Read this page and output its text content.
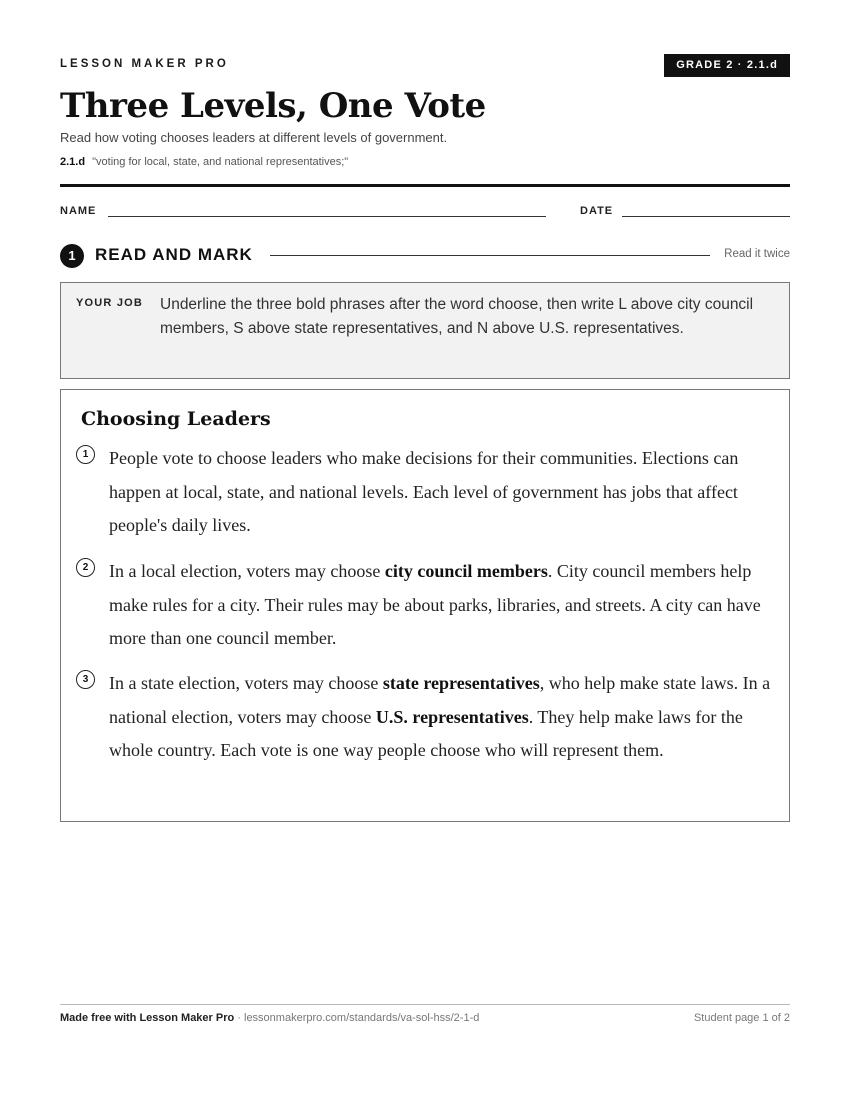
LESSON MAKER PRO	GRADE 2 · 2.1.d
Three Levels, One Vote
Read how voting chooses leaders at different levels of government.
2.1.d "voting for local, state, and national representatives;"
NAME	DATE
1	READ AND MARK	Read it twice
YOUR JOB Underline the three bold phrases after the word choose, then write L above city council members, S above state representatives, and N above U.S. representatives.
Choosing Leaders
1	People vote to choose leaders who make decisions for their communities. Elections can happen at local, state, and national levels. Each level of government has jobs that affect people's daily lives.
2	In a local election, voters may choose city council members. City council members help make rules for a city. Their rules may be about parks, libraries, and streets. A city can have more than one council member.
3	In a state election, voters may choose state representatives, who help make state laws. In a national election, voters may choose U.S. representatives. They help make laws for the whole country. Each vote is one way people choose who will represent them.
Made free with Lesson Maker Pro · lessonmakerpro.com/standards/va-sol-hss/2-1-d	Student page 1 of 2
